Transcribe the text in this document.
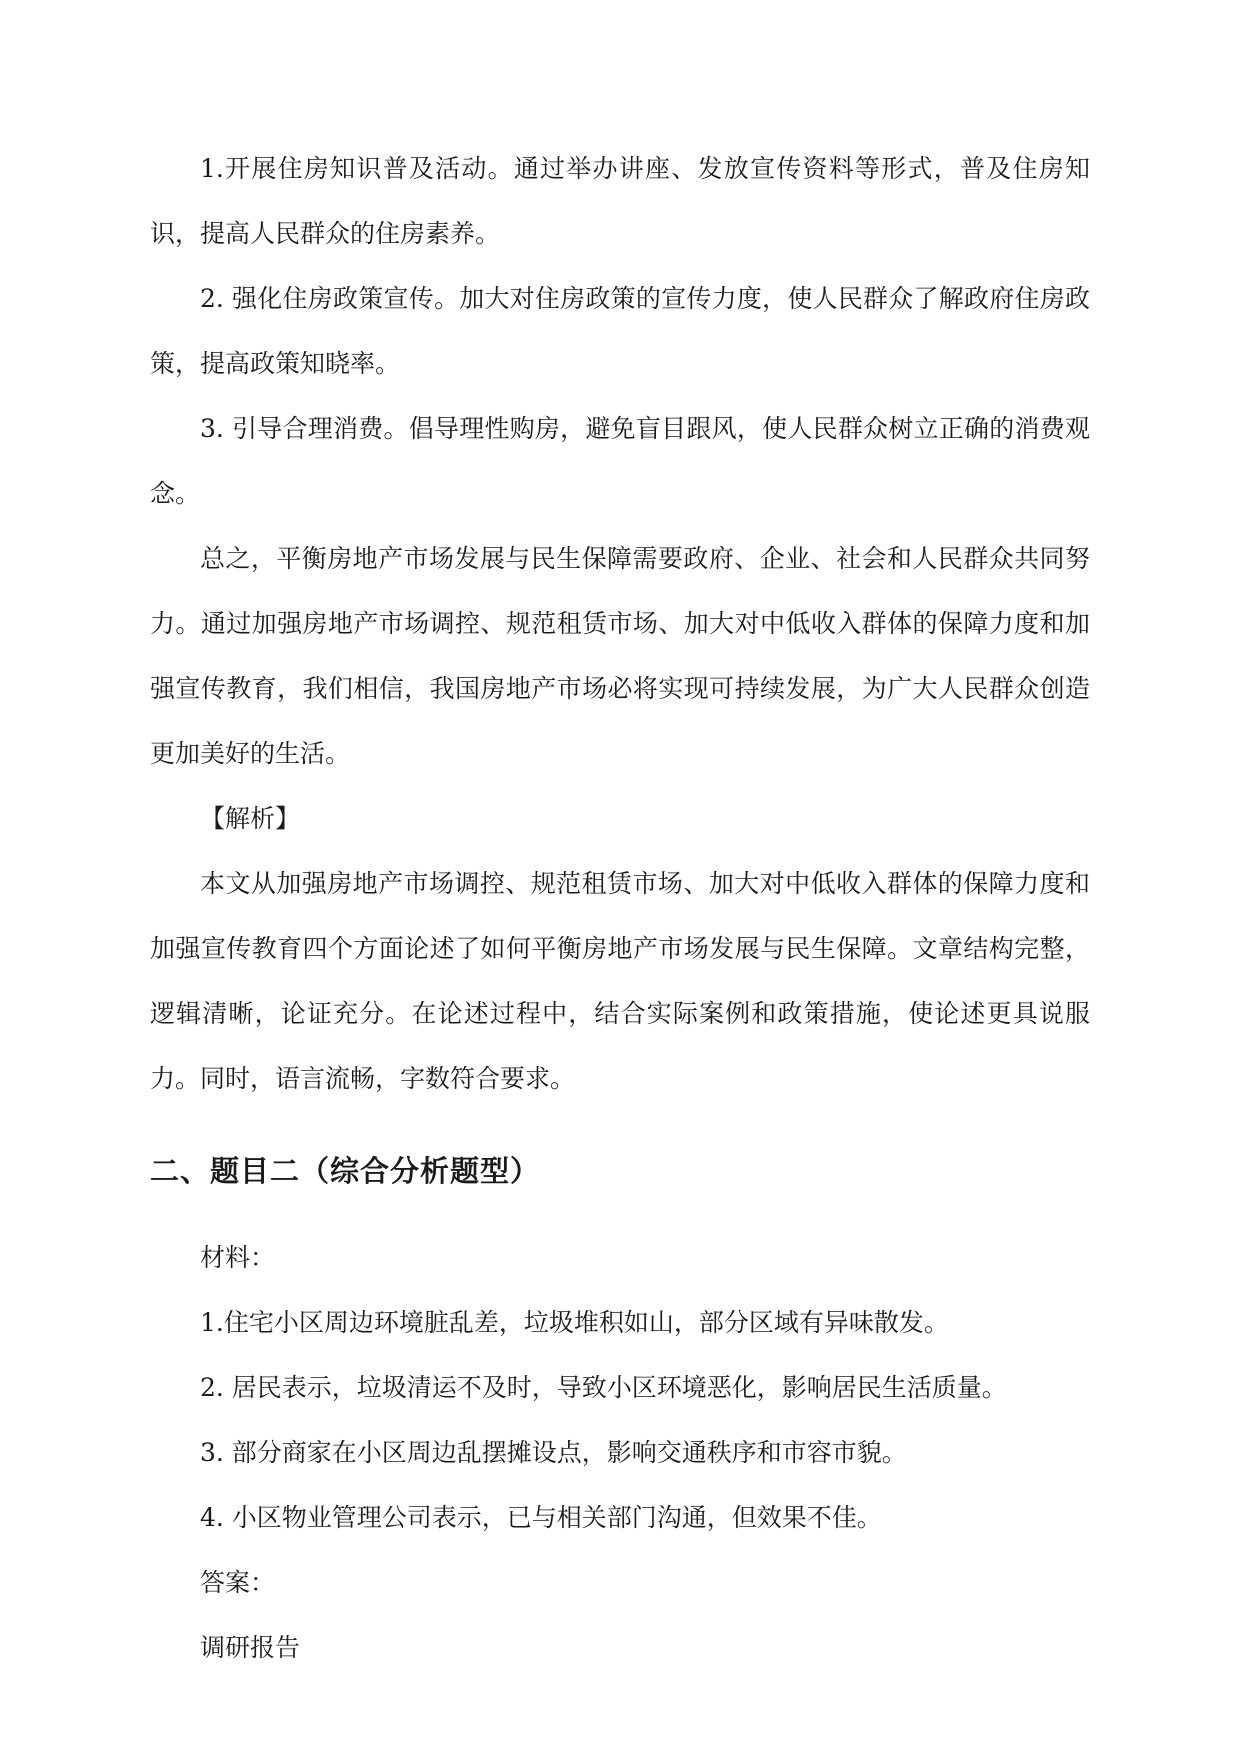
1.开展住房知识普及活动。通过举办讲座、发放宣传资料等形式，普及住房知识，提高人民群众的住房素养。

2. 强化住房政策宣传。加大对住房政策的宣传力度，使人民群众了解政府住房政策，提高政策知晓率。

3. 引导合理消费。倡导理性购房，避免盲目跟风，使人民群众树立正确的消费观念。

总之，平衡房地产市场发展与民生保障需要政府、企业、社会和人民群众共同努力。通过加强房地产市场调控、规范租赁市场、加大对中低收入群体的保障力度和加强宣传教育，我们相信，我国房地产市场必将实现可持续发展，为广大人民群众创造更加美好的生活。

【解析】

本文从加强房地产市场调控、规范租赁市场、加大对中低收入群体的保障力度和加强宣传教育四个方面论述了如何平衡房地产市场发展与民生保障。文章结构完整，逻辑清晰，论证充分。在论述过程中，结合实际案例和政策措施，使论述更具说服力。同时，语言流畅，字数符合要求。

二、题目二（综合分析题型）

材料：

1.住宅小区周边环境脏乱差，垃圾堆积如山，部分区域有异味散发。

2. 居民表示，垃圾清运不及时，导致小区环境恶化，影响居民生活质量。

3. 部分商家在小区周边乱摆摊设点，影响交通秩序和市容市貌。

4. 小区物业管理公司表示，已与相关部门沟通，但效果不佳。

答案：

调研报告
